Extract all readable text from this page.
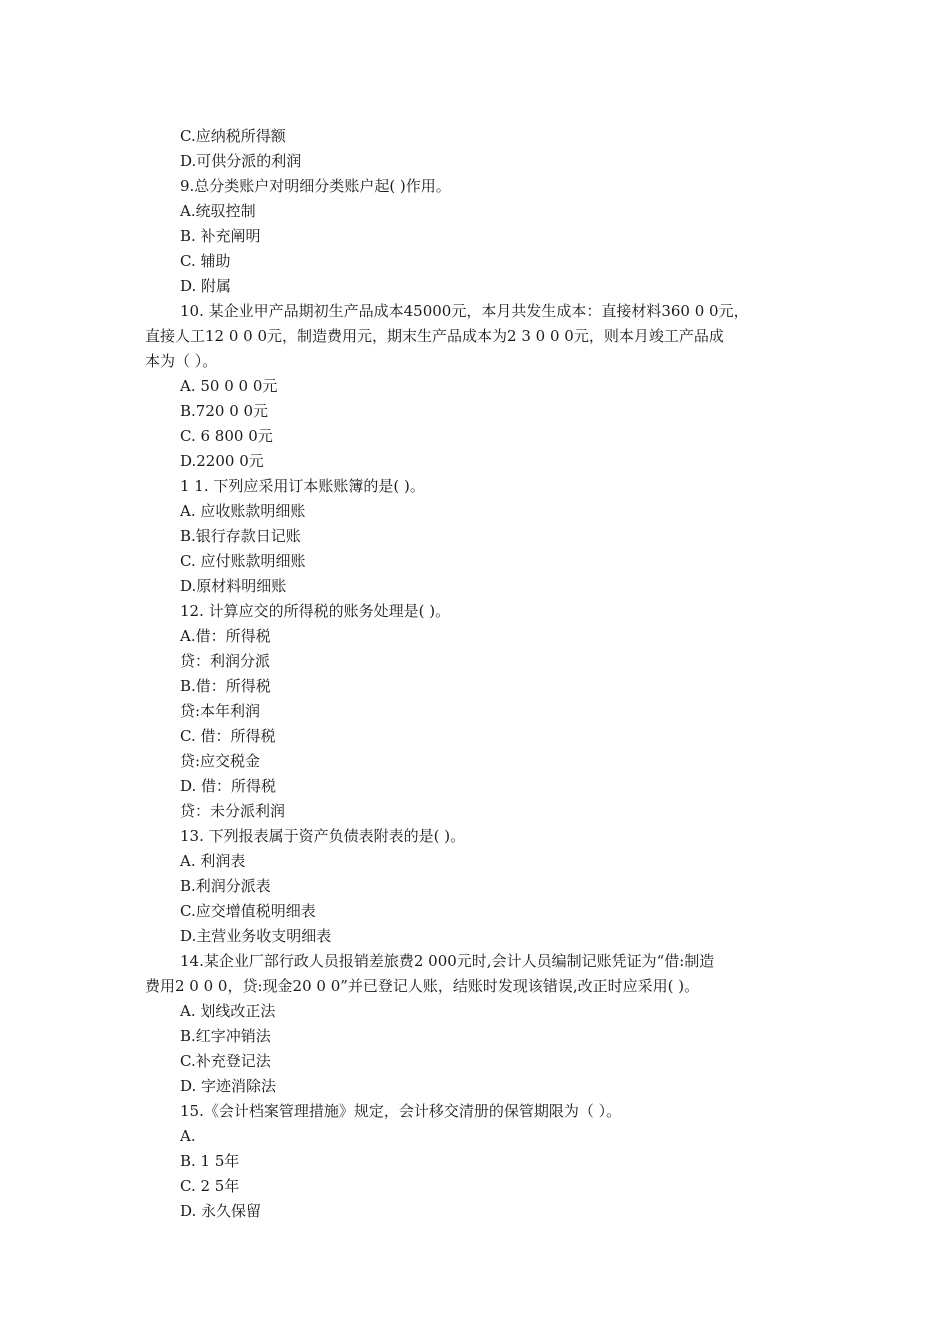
C.应纳税所得额
D.可供分派的利润
9.总分类账户对明细分类账户起( )作用。
A.统驭控制
B. 补充阐明
C. 辅助
D. 附属
10. 某企业甲产品期初生产品成本45000元，本月共发生成本：直接材料360 0 0元，
直接人工12 0 0 0元，制造费用元，期末生产品成本为2 3 0 0 0元，则本月竣工产品成
本为（ ）。
A. 50 0 0 0元
B.720 0 0元
C. 6 800 0元
D.2200 0元
1 1. 下列应采用订本账账簿的是( )。
A. 应收账款明细账
B.银行存款日记账
C. 应付账款明细账
D.原材料明细账
12. 计算应交的所得税的账务处理是( )。
A.借：所得税
贷：利润分派
B.借：所得税
贷:本年利润
C. 借：所得税
贷:应交税金
D. 借：所得税
贷：未分派利润
13. 下列报表属于资产负债表附表的是( )。
A. 利润表
B.利润分派表
C.应交增值税明细表
D.主营业务收支明细表
14.某企业厂部行政人员报销差旅费2 000元时,会计人员编制记账凭证为“借:制造
费用2 0 0 0，贷:现金20 0 0”并已登记人账，结账时发现该错误,改正时应采用( )。
A. 划线改正法
B.红字冲销法
C.补充登记法
D. 字迹消除法
15.《会计档案管理措施》规定，会计移交清册的保管期限为（ ）。
A.
B. 1 5年
C. 2 5年
D. 永久保留
